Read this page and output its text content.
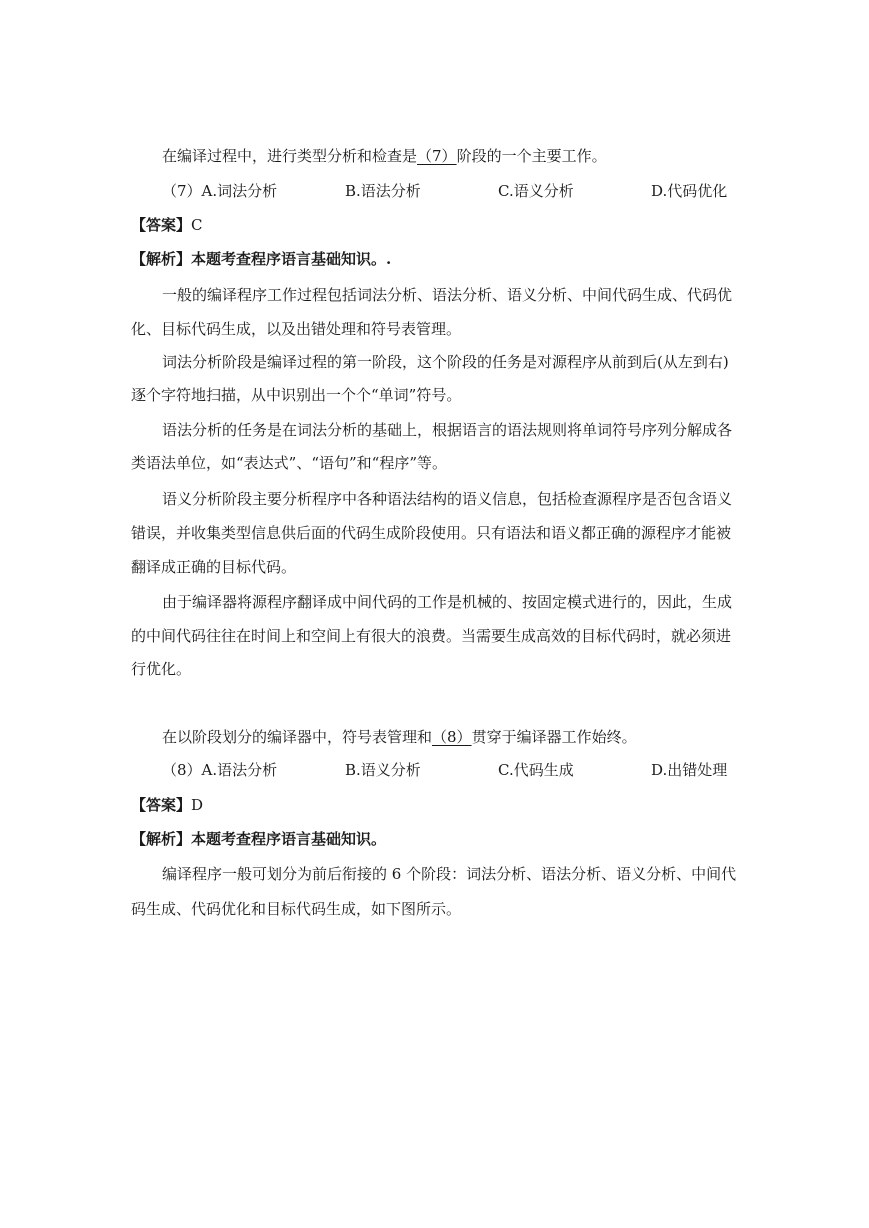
在编译过程中，进行类型分析和检查是（7）阶段的一个主要工作。
（7）A.词法分析	B.语法分析	C.语义分析	D.代码优化
【答案】C
【解析】本题考查程序语言基础知识。.
一般的编译程序工作过程包括词法分析、语法分析、语义分析、中间代码生成、代码优
化、目标代码生成，以及出错处理和符号表管理。
词法分析阶段是编译过程的第一阶段，这个阶段的任务是对源程序从前到后(从左到右)
逐个字符地扫描，从中识别出一个个“单词”符号。
语法分析的任务是在词法分析的基础上，根据语言的语法规则将单词符号序列分解成各
类语法单位，如“表达式”、“语句”和“程序”等。
语义分析阶段主要分析程序中各种语法结构的语义信息，包括检查源程序是否包含语义
错误，并收集类型信息供后面的代码生成阶段使用。只有语法和语义都正确的源程序才能被
翻译成正确的目标代码。
由于编译器将源程序翻译成中间代码的工作是机械的、按固定模式进行的，因此，生成
的中间代码往往在时间上和空间上有很大的浪费。当需要生成高效的目标代码时，就必须进
行优化。
在以阶段划分的编译器中，符号表管理和（8）贯穿于编译器工作始终。
（8）A.语法分析	B.语义分析	C.代码生成	D.出错处理
【答案】D
【解析】本题考查程序语言基础知识。
编译程序一般可划分为前后衔接的 6 个阶段：词法分析、语法分析、语义分析、中间代
码生成、代码优化和目标代码生成，如下图所示。
